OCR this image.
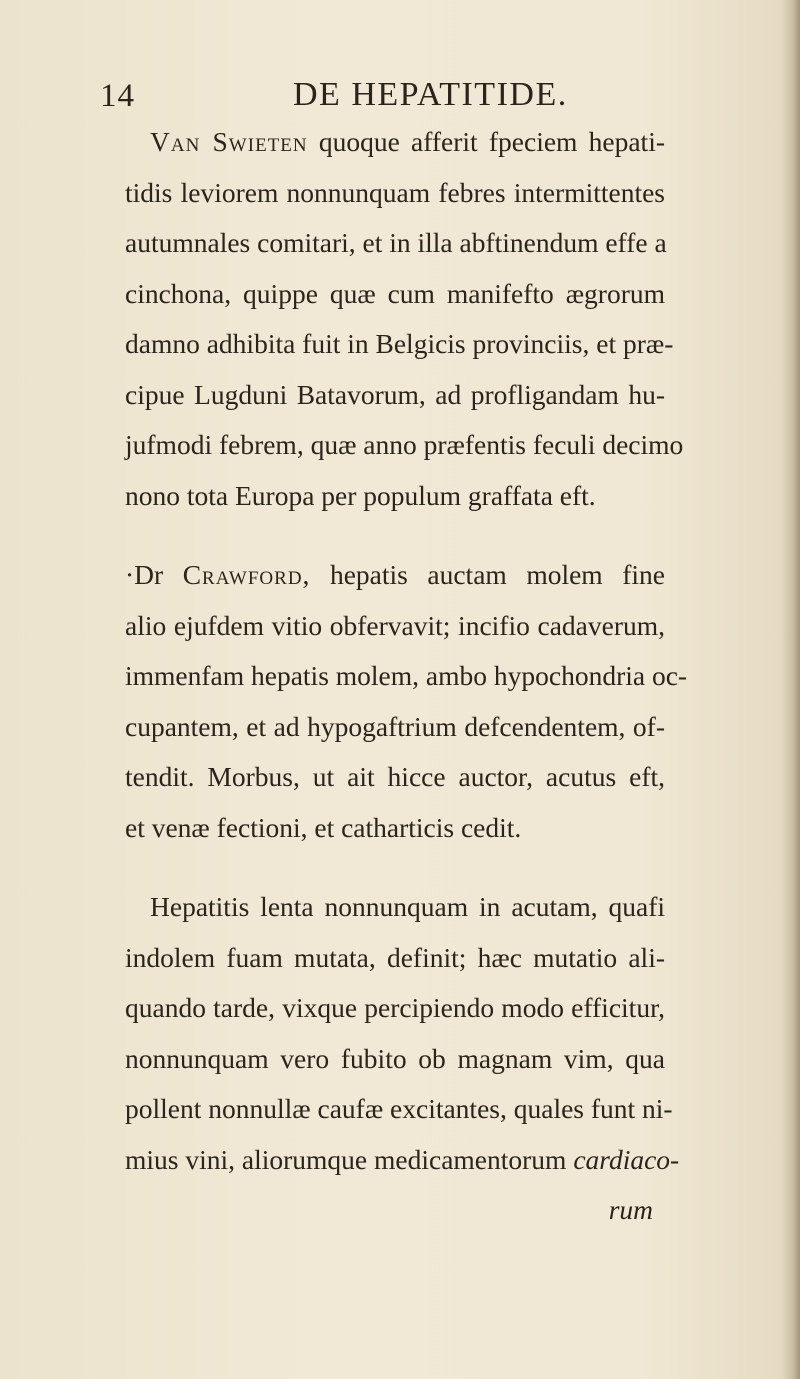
14	DE HEPATITIDE.
Van Swieten quoque afferit fpeciem hepati-
tidis leviorem nonnunquam febres intermittentes
autumnales comitari, et in illa abftinendum effe a
cinchona, quippe quæ cum manifefto ægrorum
damno adhibita fuit in Belgicis provinciis, et præ-
cipue Lugduni Batavorum, ad profligandam hu-
jufmodi febrem, quæ anno præfentis feculi decimo
nono tota Europa per populum graffata eft.
·Dr Crawford, hepatis auctam molem fine
alio ejufdem vitio obfervavit; incifio cadaverum,
immenfam hepatis molem, ambo hypochondria oc-
cupantem, et ad hypogaftrium defcendentem, of-
tendit. Morbus, ut ait hicce auctor, acutus eft,
et venæ fectioni, et catharticis cedit.
Hepatitis lenta nonnunquam in acutam, quafi
indolem fuam mutata, definit; hæc mutatio ali-
quando tarde, vixque percipiendo modo efficitur,
nonnunquam vero fubito ob magnam vim, qua
pollent nonnullæ caufæ excitantes, quales funt ni-
mius vini, aliorumque medicamentorum cardiaco-
rum
